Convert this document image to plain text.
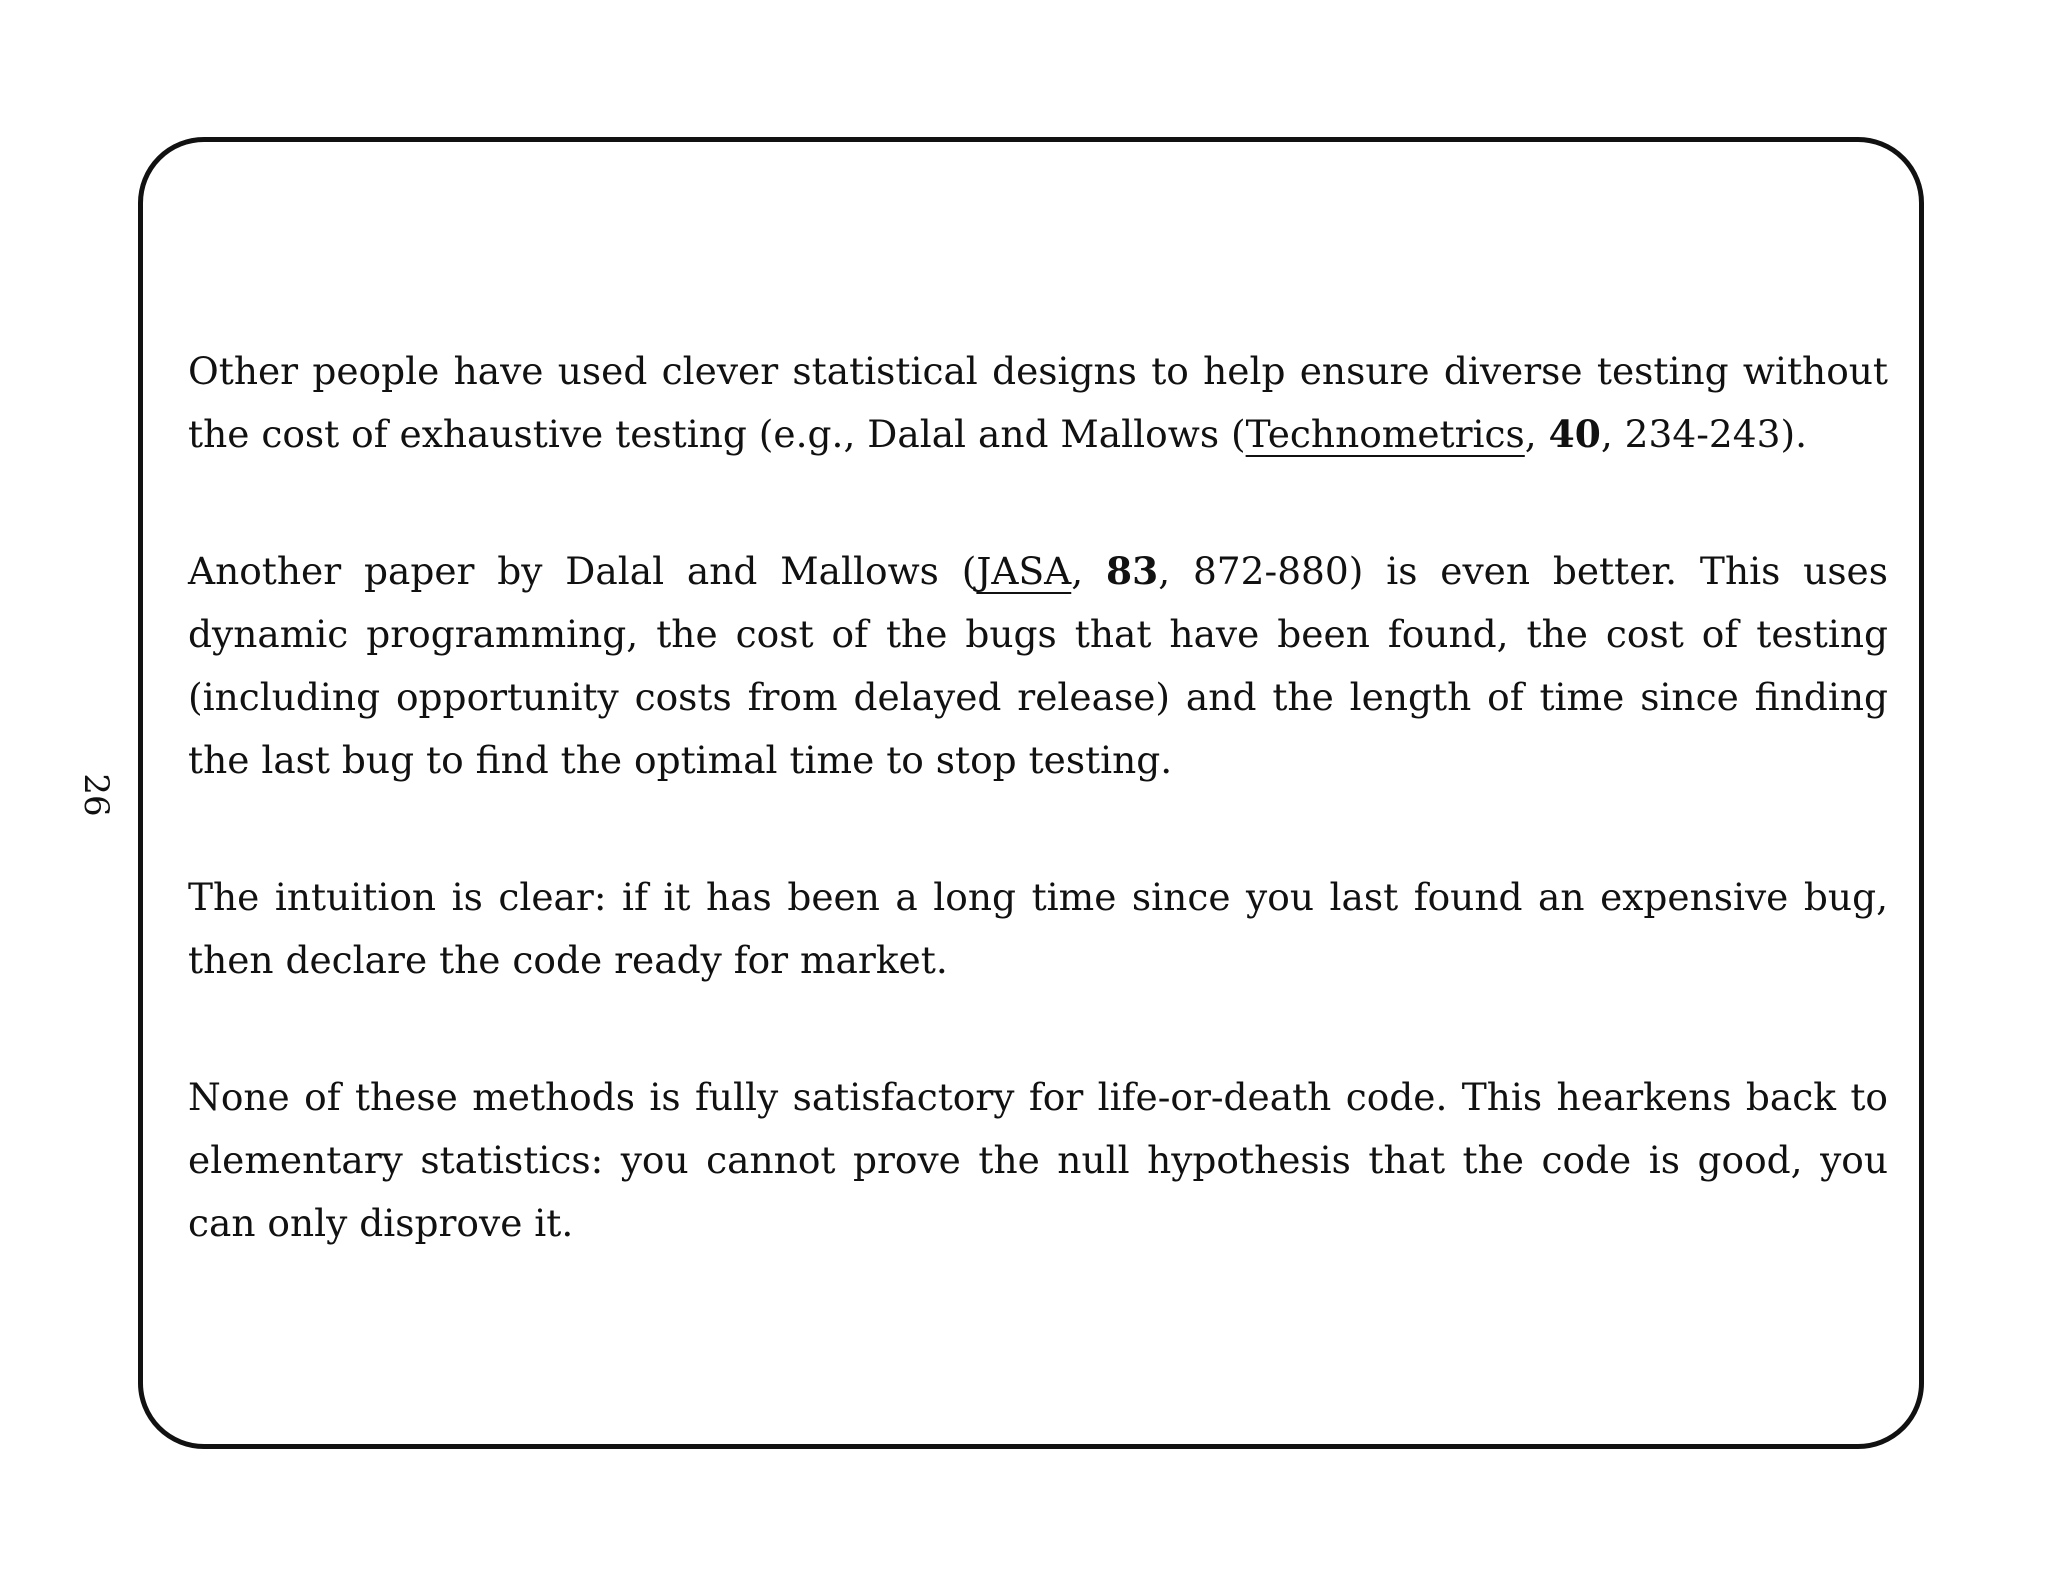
26

Other people have used clever statistical designs to help ensure diverse testing without the cost of exhaustive testing (e.g., Dalal and Mallows (Technometrics, 40, 234-243).

Another paper by Dalal and Mallows (JASA, 83, 872-880) is even better. This uses dynamic programming, the cost of the bugs that have been found, the cost of testing (including opportunity costs from delayed release) and the length of time since finding the last bug to find the optimal time to stop testing.

The intuition is clear: if it has been a long time since you last found an expensive bug, then declare the code ready for market.

None of these methods is fully satisfactory for life-or-death code. This hearkens back to elementary statistics: you cannot prove the null hypothesis that the code is good, you can only disprove it.
